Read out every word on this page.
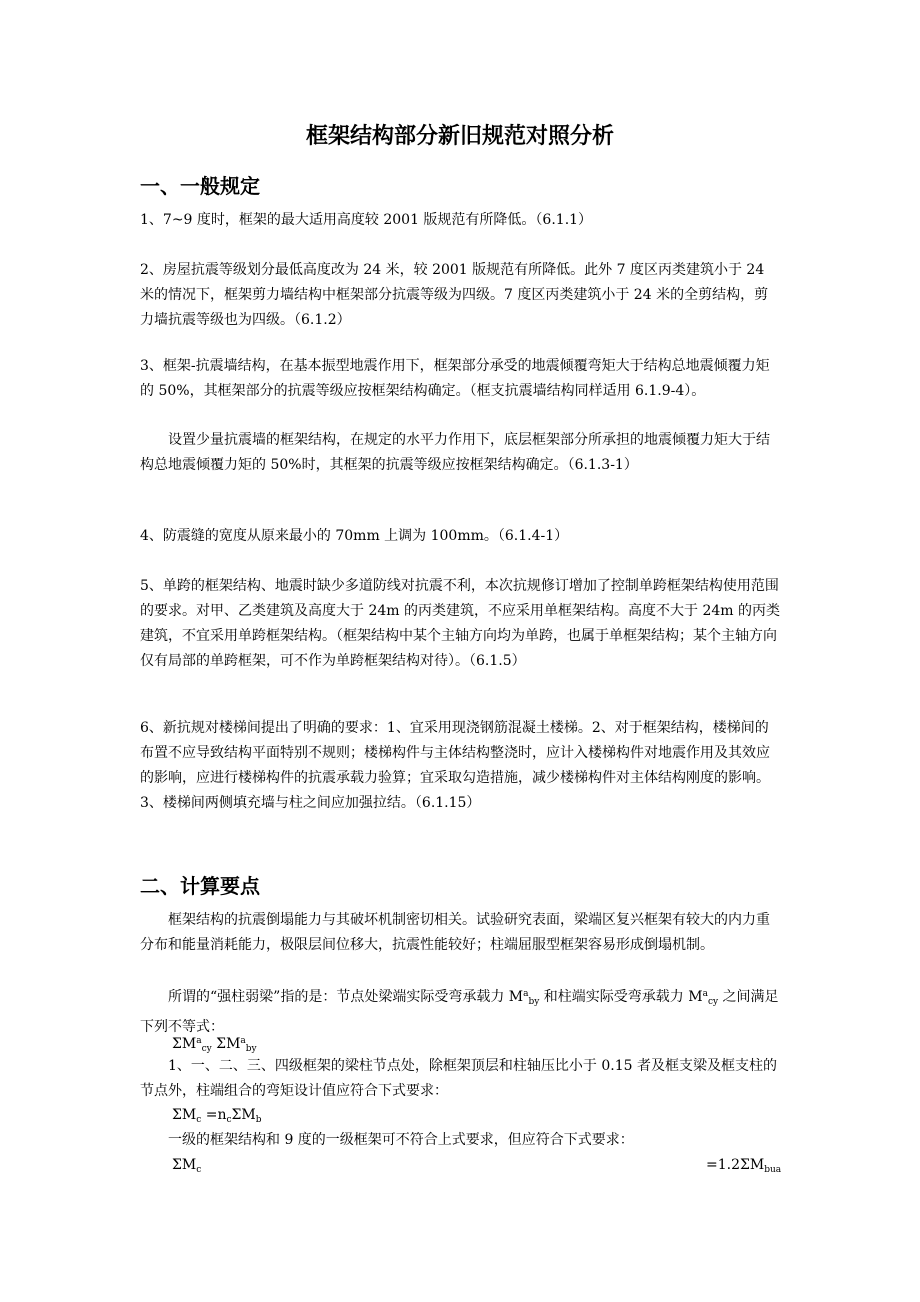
框架结构部分新旧规范对照分析
一、一般规定

1、7~9 度时，框架的最大适用高度较 2001 版规范有所降低。（6.1.1）

2、房屋抗震等级划分最低高度改为 24 米，较 2001 版规范有所降低。此外 7 度区丙类建筑小于 24 米的情况下，框架剪力墙结构中框架部分抗震等级为四级。7 度区丙类建筑小于 24 米的全剪结构，剪力墙抗震等级也为四级。（6.1.2）

3、框架-抗震墙结构，在基本振型地震作用下，框架部分承受的地震倾覆弯矩大于结构总地震倾覆力矩的 50%，其框架部分的抗震等级应按框架结构确定。（框支抗震墙结构同样适用 6.1.9-4）。

设置少量抗震墙的框架结构，在规定的水平力作用下，底层框架部分所承担的地震倾覆力矩大于结构总地震倾覆力矩的 50%时，其框架的抗震等级应按框架结构确定。（6.1.3-1）

4、防震缝的宽度从原来最小的 70mm 上调为 100mm。（6.1.4-1）

5、单跨的框架结构、地震时缺少多道防线对抗震不利，本次抗规修订增加了控制单跨框架结构使用范围的要求。对甲、乙类建筑及高度大于 24m 的丙类建筑，不应采用单框架结构。高度不大于 24m 的丙类建筑，不宜采用单跨框架结构。（框架结构中某个主轴方向均为单跨，也属于单框架结构；某个主轴方向仅有局部的单跨框架，可不作为单跨框架结构对待）。（6.1.5）

6、新抗规对楼梯间提出了明确的要求：1、宜采用现浇钢筋混凝土楼梯。2、对于框架结构，楼梯间的布置不应导致结构平面特别不规则；楼梯构件与主体结构整浇时，应计入楼梯构件对地震作用及其效应的影响，应进行楼梯构件的抗震承载力验算；宜采取勾造措施，减少楼梯构件对主体结构刚度的影响。3、楼梯间两侧填充墙与柱之间应加强拉结。（6.1.15）

二、计算要点

框架结构的抗震倒塌能力与其破坏机制密切相关。试验研究表面，梁端区复兴框架有较大的内力重分布和能量消耗能力，极限层间位移大，抗震性能较好；柱端屈服型框架容易形成倒塌机制。

所谓的“强柱弱梁”指的是：节点处梁端实际受弯承载力 $M^a_{by}$ 和柱端实际受弯承载力 $M^a_{cy}$ 之间满足下列不等式：

$\Sigma M^a_{cy}$ $\Sigma M^a_{by}$

1、一、二、三、四级框架的梁柱节点处，除框架顶层和柱轴压比小于 0.15 者及框支梁及框支柱的节点外，柱端组合的弯矩设计值应符合下式要求：

$\Sigma M_c =n_c\Sigma M_b$

一级的框架结构和 9 度的一级框架可不符合上式要求，但应符合下式要求：

$\Sigma M_c$	$=1.2\Sigma M_{bua}$
